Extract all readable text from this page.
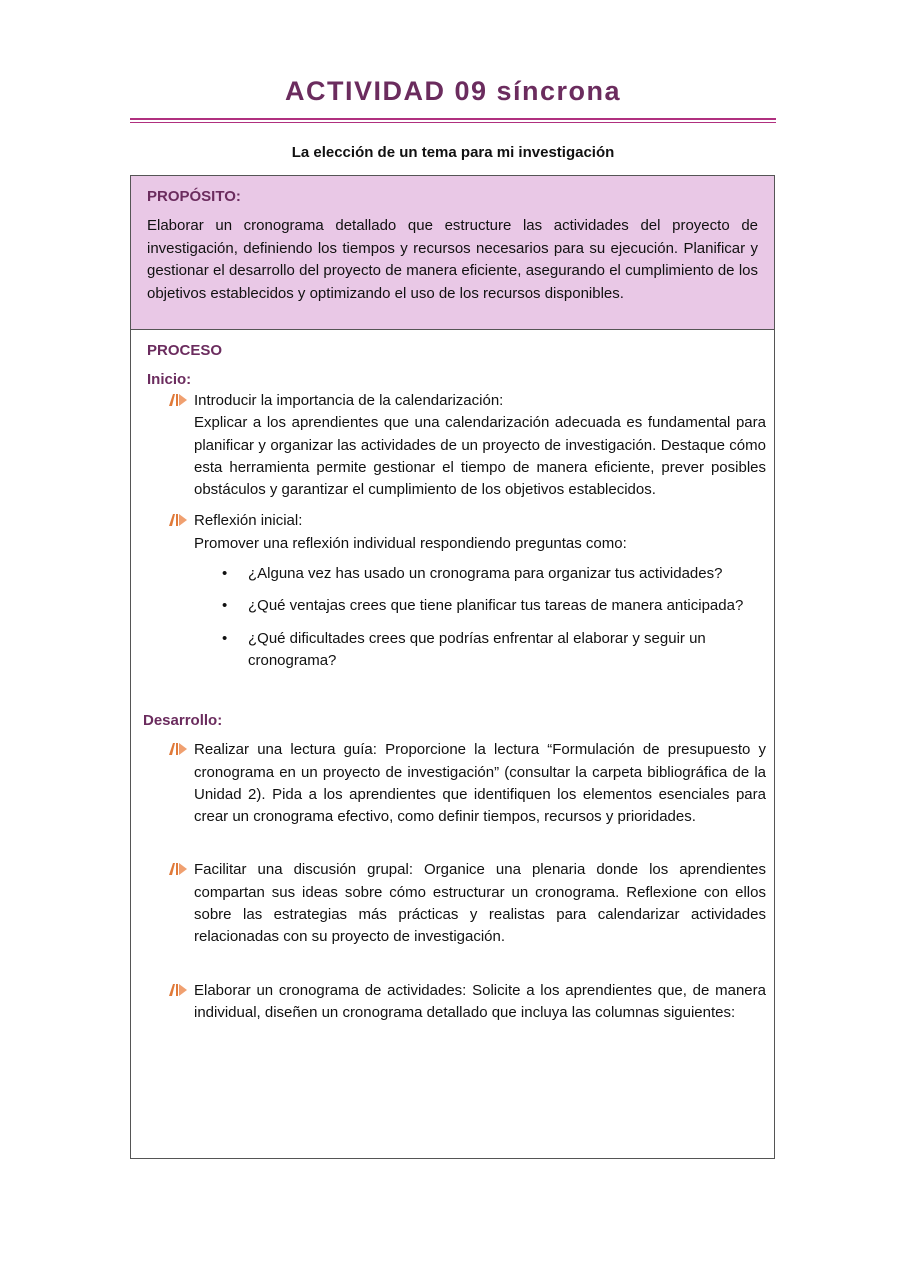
ACTIVIDAD 09 síncrona
La elección de un tema para mi investigación
PROPÓSITO:
Elaborar un cronograma detallado que estructure las actividades del proyecto de investigación, definiendo los tiempos y recursos necesarios para su ejecución. Planificar y gestionar el desarrollo del proyecto de manera eficiente, asegurando el cumplimiento de los objetivos establecidos y optimizando el uso de los recursos disponibles.
PROCESO
Inicio:

Introducir la importancia de la calendarización:

Explicar a los aprendientes que una calendarización adecuada es fundamental para planificar y organizar las actividades de un proyecto de investigación. Destaque cómo esta herramienta permite gestionar el tiempo de manera eficiente, prever posibles obstáculos y garantizar el cumplimiento de los objetivos establecidos.

Reflexión inicial:

Promover una reflexión individual respondiendo preguntas como:

• ¿Alguna vez has usado un cronograma para organizar tus actividades?
• ¿Qué ventajas crees que tiene planificar tus tareas de manera anticipada?
• ¿Qué dificultades crees que podrías enfrentar al elaborar y seguir un cronograma?
Desarrollo:

Realizar una lectura guía: Proporcione la lectura “Formulación de presupuesto y cronograma en un proyecto de investigación” (consultar la carpeta bibliográfica de la Unidad 2). Pida a los aprendientes que identifiquen los elementos esenciales para crear un cronograma efectivo, como definir tiempos, recursos y prioridades.

Facilitar una discusión grupal: Organice una plenaria donde los aprendientes compartan sus ideas sobre cómo estructurar un cronograma. Reflexione con ellos sobre las estrategias más prácticas y realistas para calendarizar actividades relacionadas con su proyecto de investigación.

Elaborar un cronograma de actividades: Solicite a los aprendientes que, de manera individual, diseñen un cronograma detallado que incluya las columnas siguientes:
